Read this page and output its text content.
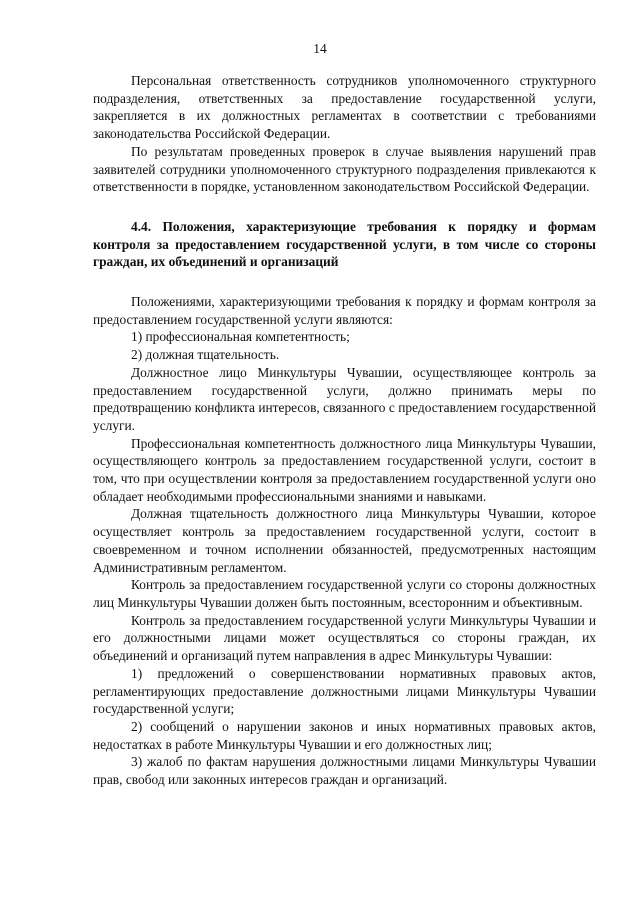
14

Персональная ответственность сотрудников уполномоченного структурного подразделения, ответственных за предоставление государственной услуги, закрепляется в их должностных регламентах в соответствии с требованиями законодательства Российской Федерации.

По результатам проведенных проверок в случае выявления нарушений прав заявителей сотрудники уполномоченного структурного подразделения привлекаются к ответственности в порядке, установленном законодательством Российской Федерации.

4.4. Положения, характеризующие требования к порядку и формам контроля за предоставлением государственной услуги, в том числе со стороны граждан, их объединений и организаций

Положениями, характеризующими требования к порядку и формам контроля за предоставлением государственной услуги являются:

1) профессиональная компетентность;

2) должная тщательность.

Должностное лицо Минкультуры Чувашии, осуществляющее контроль за предоставлением государственной услуги, должно принимать меры по предотвращению конфликта интересов, связанного с предоставлением государственной услуги.

Профессиональная компетентность должностного лица Минкультуры Чувашии, осуществляющего контроль за предоставлением государственной услуги, состоит в том, что при осуществлении контроля за предоставлением государственной услуги оно обладает необходимыми профессиональными знаниями и навыками.

Должная тщательность должностного лица Минкультуры Чувашии, которое осуществляет контроль за предоставлением государственной услуги, состоит в своевременном и точном исполнении обязанностей, предусмотренных настоящим Административным регламентом.

Контроль за предоставлением государственной услуги со стороны должностных лиц Минкультуры Чувашии должен быть постоянным, всесторонним и объективным.

Контроль за предоставлением государственной услуги Минкультуры Чувашии и его должностными лицами может осуществляться со стороны граждан, их объединений и организаций путем направления в адрес Минкультуры Чувашии:

1) предложений о совершенствовании нормативных правовых актов, регламентирующих предоставление должностными лицами Минкультуры Чувашии государственной услуги;

2) сообщений о нарушении законов и иных нормативных правовых актов, недостатках в работе Минкультуры Чувашии и его должностных лиц;

3) жалоб по фактам нарушения должностными лицами Минкультуры Чувашии прав, свобод или законных интересов граждан и организаций.
